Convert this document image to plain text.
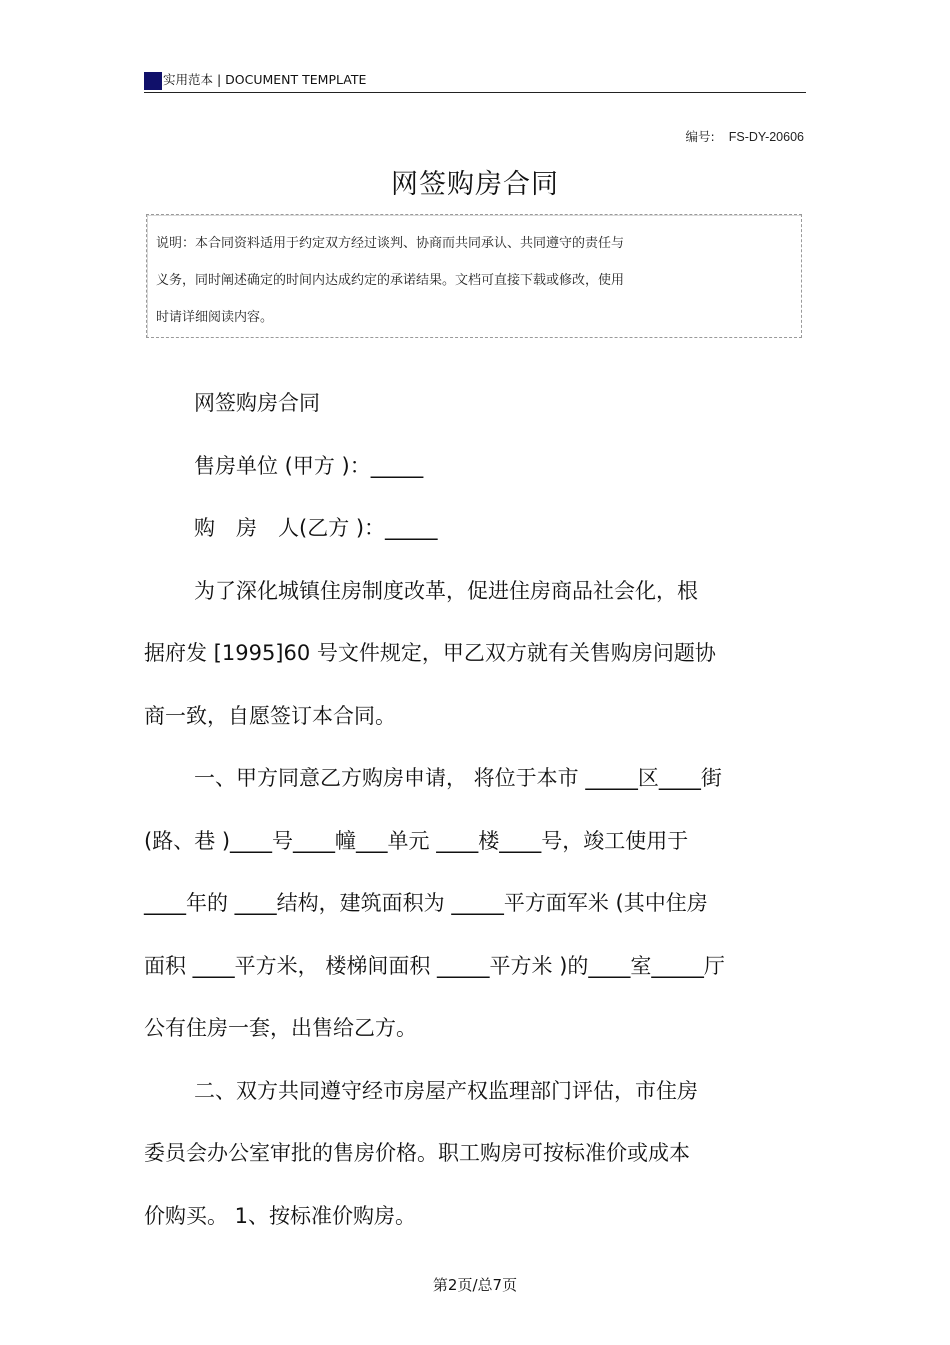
实用范本 | DOCUMENT TEMPLATE
编号: FS-DY-20606
网签购房合同
说明：本合同资料适用于约定双方经过谈判、协商而共同承认、共同遵守的责任与
义务，同时阐述确定的时间内达成约定的承诺结果。文档可直接下载或修改，使用
时请详细阅读内容。

网签购房合同

售房单位 (甲方 )：_____

购　房　人(乙方 )：_____

为了深化城镇住房制度改革，促进住房商品社会化，根

据府发 [1995]60 号文件规定，甲乙双方就有关售购房问题协

商一致，自愿签订本合同。

一、甲方同意乙方购房申请， 将位于本市 _____区____街

(路、巷 )____号____幢___单元 ____楼____号，竣工使用于

____年的 ____结构，建筑面积为 _____平方面军米 (其中住房

面积 ____平方米， 楼梯间面积 _____平方米 )的____室_____厅

公有住房一套，出售给乙方。

二、双方共同遵守经市房屋产权监理部门评估，市住房

委员会办公室审批的售房价格。职工购房可按标准价或成本

价购买。 1、按标准价购房。

第2页/总7页
